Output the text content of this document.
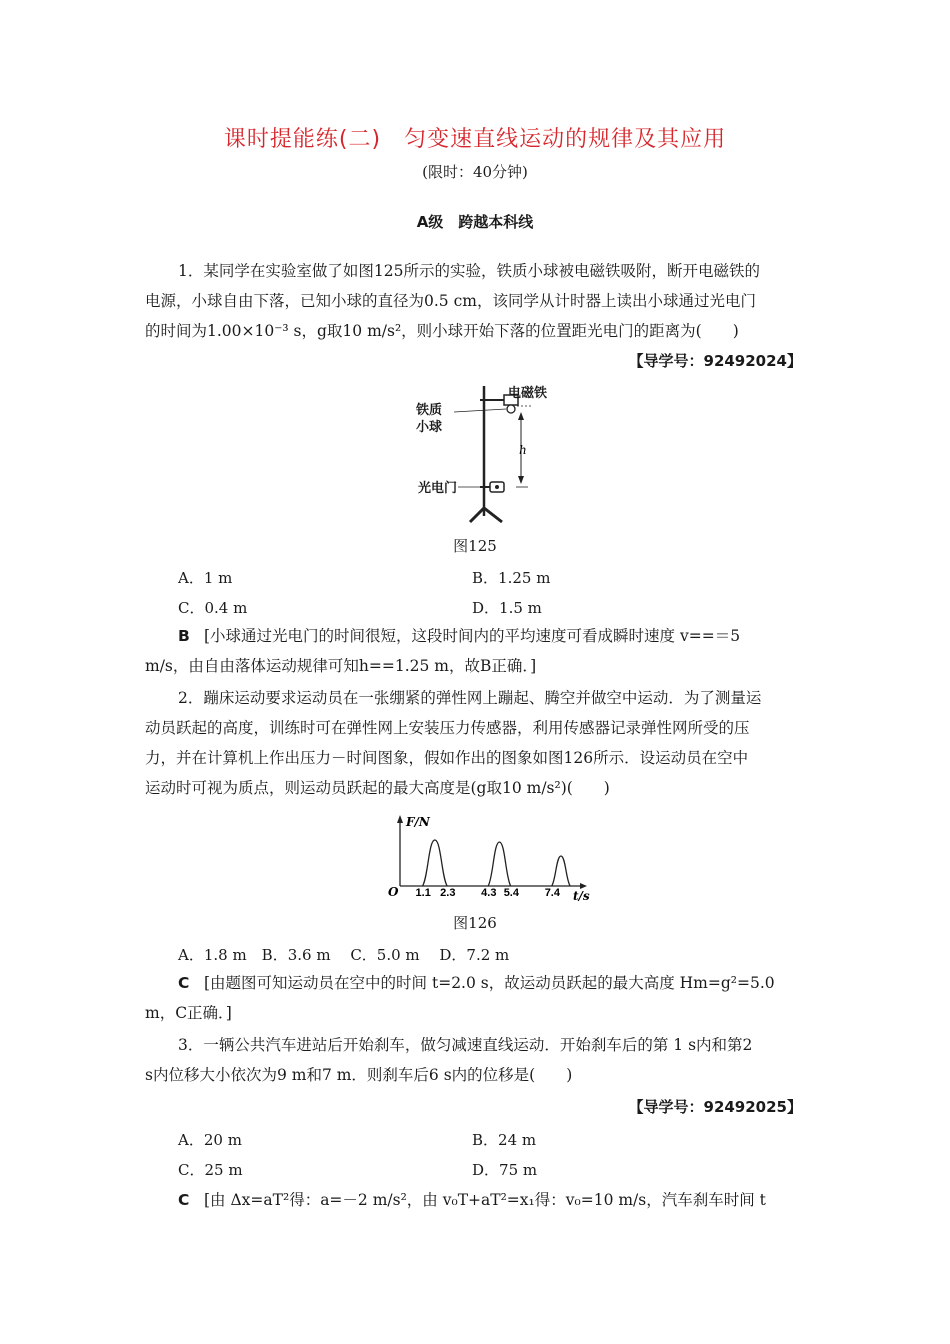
课时提能练(二)　匀变速直线运动的规律及其应用
(限时：40分钟)
A级　跨越本科线
1．某同学在实验室做了如图125所示的实验，铁质小球被电磁铁吸附，断开电磁铁的
电源，小球自由下落，已知小球的直径为0.5 cm，该同学从计时器上读出小球通过光电门
的时间为1.00×10⁻³ s，g取10 m/s²，则小球开始下落的位置距光电门的距离为(　　)
【导学号：92492024】
h
电磁铁
铁质
小球
光电门
图125
A．1 m	B．1.25 m
C．0.4 m	D．1.5 m
B [小球通过光电门的时间很短，这段时间内的平均速度可看成瞬时速度 v==＝5
m/s，由自由落体运动规律可知h==1.25 m，故B正确．]
2．蹦床运动要求运动员在一张绷紧的弹性网上蹦起、腾空并做空中运动．为了测量运
动员跃起的高度，训练时可在弹性网上安装压力传感器，利用传感器记录弹性网所受的压
力，并在计算机上作出压力－时间图象，假如作出的图象如图126所示．设运动员在空中
运动时可视为质点，则运动员跃起的最大高度是(g取10 m/s²)(　　)
F/N
O	t/s
1.1 2.3 4.3 5.4 7.4
图126
A．1.8 m　B．3.6 m　 C．5.0 m　 D．7.2 m
C [由题图可知运动员在空中的时间 t=2.0 s，故运动员跃起的最大高度 Hm=g²=5.0
m，C正确．]
3．一辆公共汽车进站后开始刹车，做匀减速直线运动．开始刹车后的第 1 s内和第2
s内位移大小依次为9 m和7 m．则刹车后6 s内的位移是(　　)
【导学号：92492025】
A．20 m	B．24 m
C．25 m	D．75 m
C [由 Δx=aT²得：a=－2 m/s²，由 v₀T+aT²=x₁得：v₀=10 m/s，汽车刹车时间 t
